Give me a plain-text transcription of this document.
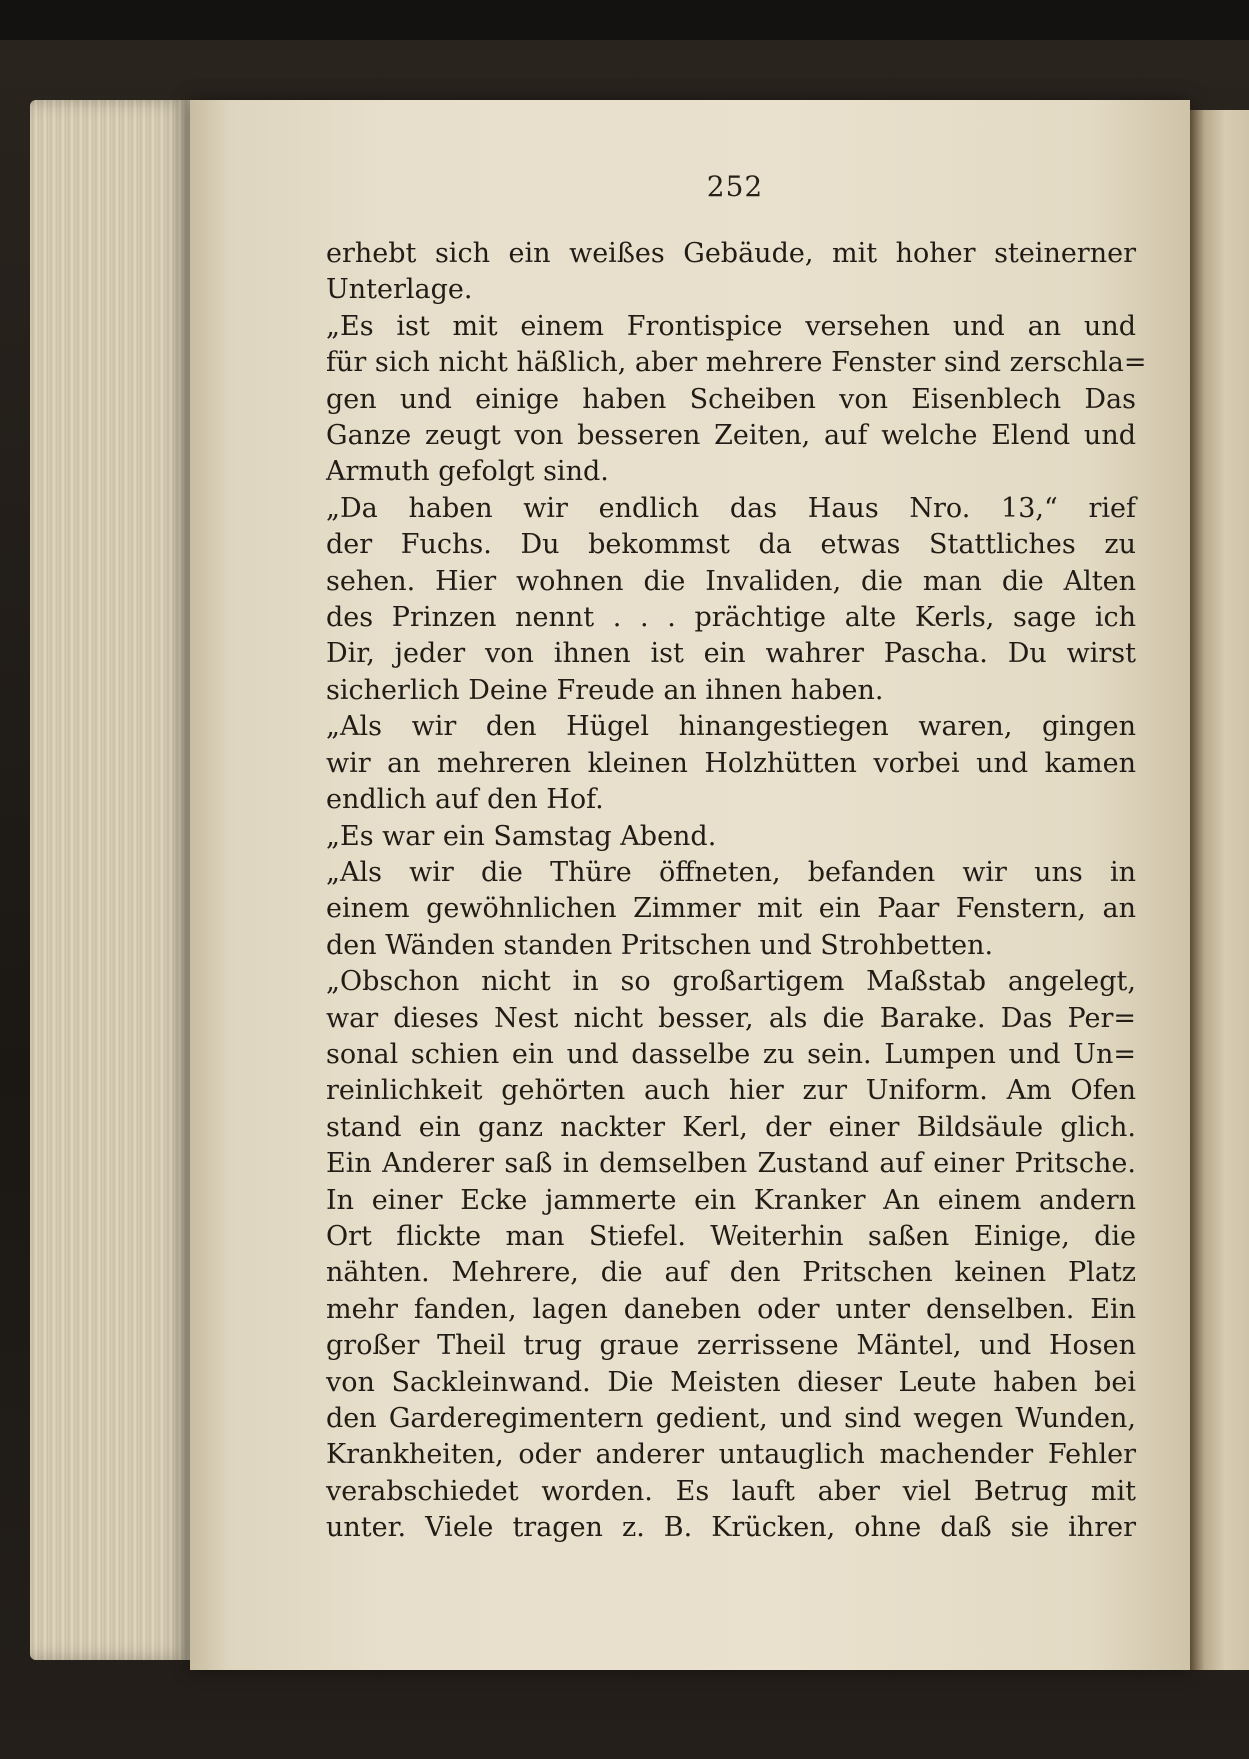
252
erhebt sich ein weißes Gebäude, mit hoher steinerner
Unterlage.
„Es ist mit einem Frontispice versehen und an und
für sich nicht häßlich, aber mehrere Fenster sind zerschla=
gen und einige haben Scheiben von Eisenblech Das
Ganze zeugt von besseren Zeiten, auf welche Elend und
Armuth gefolgt sind.
„Da haben wir endlich das Haus Nro. 13,“ rief
der Fuchs. Du bekommst da etwas Stattliches zu
sehen. Hier wohnen die Invaliden, die man die Alten
des Prinzen nennt . . . prächtige alte Kerls, sage ich
Dir, jeder von ihnen ist ein wahrer Pascha. Du wirst
sicherlich Deine Freude an ihnen haben.
„Als wir den Hügel hinangestiegen waren, gingen
wir an mehreren kleinen Holzhütten vorbei und kamen
endlich auf den Hof.
„Es war ein Samstag Abend.
„Als wir die Thüre öffneten, befanden wir uns in
einem gewöhnlichen Zimmer mit ein Paar Fenstern, an
den Wänden standen Pritschen und Strohbetten.
„Obschon nicht in so großartigem Maßstab angelegt,
war dieses Nest nicht besser, als die Barake. Das Per=
sonal schien ein und dasselbe zu sein. Lumpen und Un=
reinlichkeit gehörten auch hier zur Uniform. Am Ofen
stand ein ganz nackter Kerl, der einer Bildsäule glich.
Ein Anderer saß in demselben Zustand auf einer Pritsche.
In einer Ecke jammerte ein Kranker An einem andern
Ort flickte man Stiefel. Weiterhin saßen Einige, die
nähten. Mehrere, die auf den Pritschen keinen Platz
mehr fanden, lagen daneben oder unter denselben. Ein
großer Theil trug graue zerrissene Mäntel, und Hosen
von Sackleinwand. Die Meisten dieser Leute haben bei
den Garderegimentern gedient, und sind wegen Wunden,
Krankheiten, oder anderer untauglich machender Fehler
verabschiedet worden. Es lauft aber viel Betrug mit
unter. Viele tragen z. B. Krücken, ohne daß sie ihrer
